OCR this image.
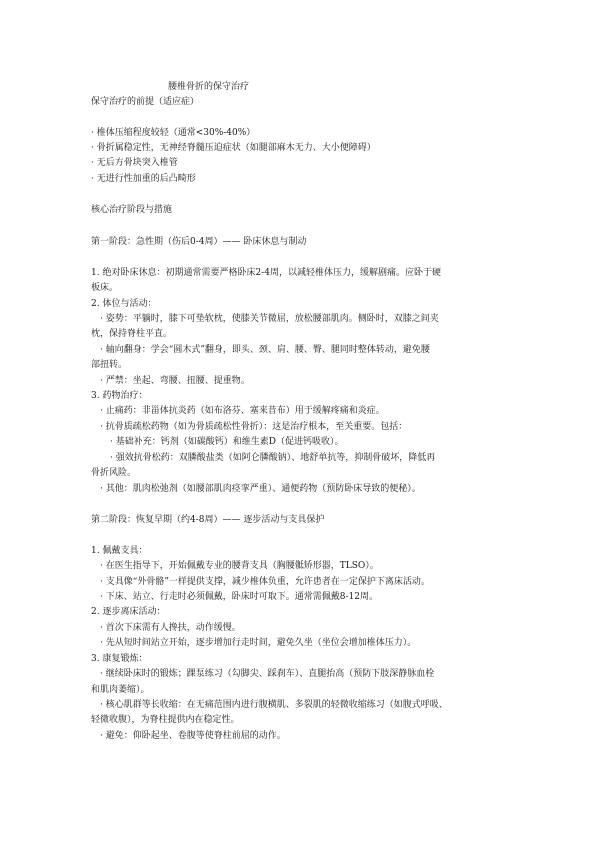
腰椎骨折的保守治疗

保守治疗的前提（适应症）

· 椎体压缩程度较轻（通常<30%-40%）

· 骨折属稳定性，无神经脊髓压迫症状（如腿部麻木无力、大小便障碍）

· 无后方骨块突入椎管

· 无进行性加重的后凸畸形

核心治疗阶段与措施

第一阶段：急性期（伤后0-4周）—— 卧床休息与制动

1. 绝对卧床休息：初期通常需要严格卧床2-4周，以减轻椎体压力，缓解剧痛。应卧于硬

板床。

2. 体位与活动：

· 姿势：平躺时，膝下可垫软枕，使膝关节微屈，放松腰部肌肉。侧卧时，双膝之间夹

枕，保持脊柱平直。

· 轴向翻身：学会“圆木式”翻身，即头、颈、肩、腰、臀、腿同时整体转动，避免腰

部扭转。

· 严禁：坐起、弯腰、扭腰、提重物。

3. 药物治疗：

· 止痛药：非甾体抗炎药（如布洛芬、塞来昔布）用于缓解疼痛和炎症。

· 抗骨质疏松药物（如为骨质疏松性骨折）：这是治疗根本，至关重要。包括：

· 基础补充：钙剂（如碳酸钙）和维生素D（促进钙吸收）。

· 强效抗骨松药：双膦酸盐类（如阿仑膦酸钠）、地舒单抗等，抑制骨破坏，降低再

骨折风险。

· 其他：肌肉松弛剂（如腰部肌肉痉挛严重）、通便药物（预防卧床导致的便秘）。

第二阶段：恢复早期（约4-8周）—— 逐步活动与支具保护

1. 佩戴支具：

· 在医生指导下，开始佩戴专业的腰背支具（胸腰骶矫形器，TLSO）。

· 支具像“外骨骼”一样提供支撑，减少椎体负重，允许患者在一定保护下离床活动。

· 下床、站立、行走时必须佩戴，卧床时可取下。通常需佩戴8-12周。

2. 逐步离床活动：

· 首次下床需有人搀扶，动作缓慢。

· 先从短时间站立开始，逐步增加行走时间，避免久坐（坐位会增加椎体压力）。

3. 康复锻炼：

· 继续卧床时的锻炼；踝泵练习（勾脚尖、踩刹车）、直腿抬高（预防下肢深静脉血栓

和肌肉萎缩）。

· 核心肌群等长收缩：在无痛范围内进行腹横肌、多裂肌的轻微收缩练习（如腹式呼吸、

轻微收腹），为脊柱提供内在稳定性。

· 避免：仰卧起坐、卷腹等使脊柱前屈的动作。
